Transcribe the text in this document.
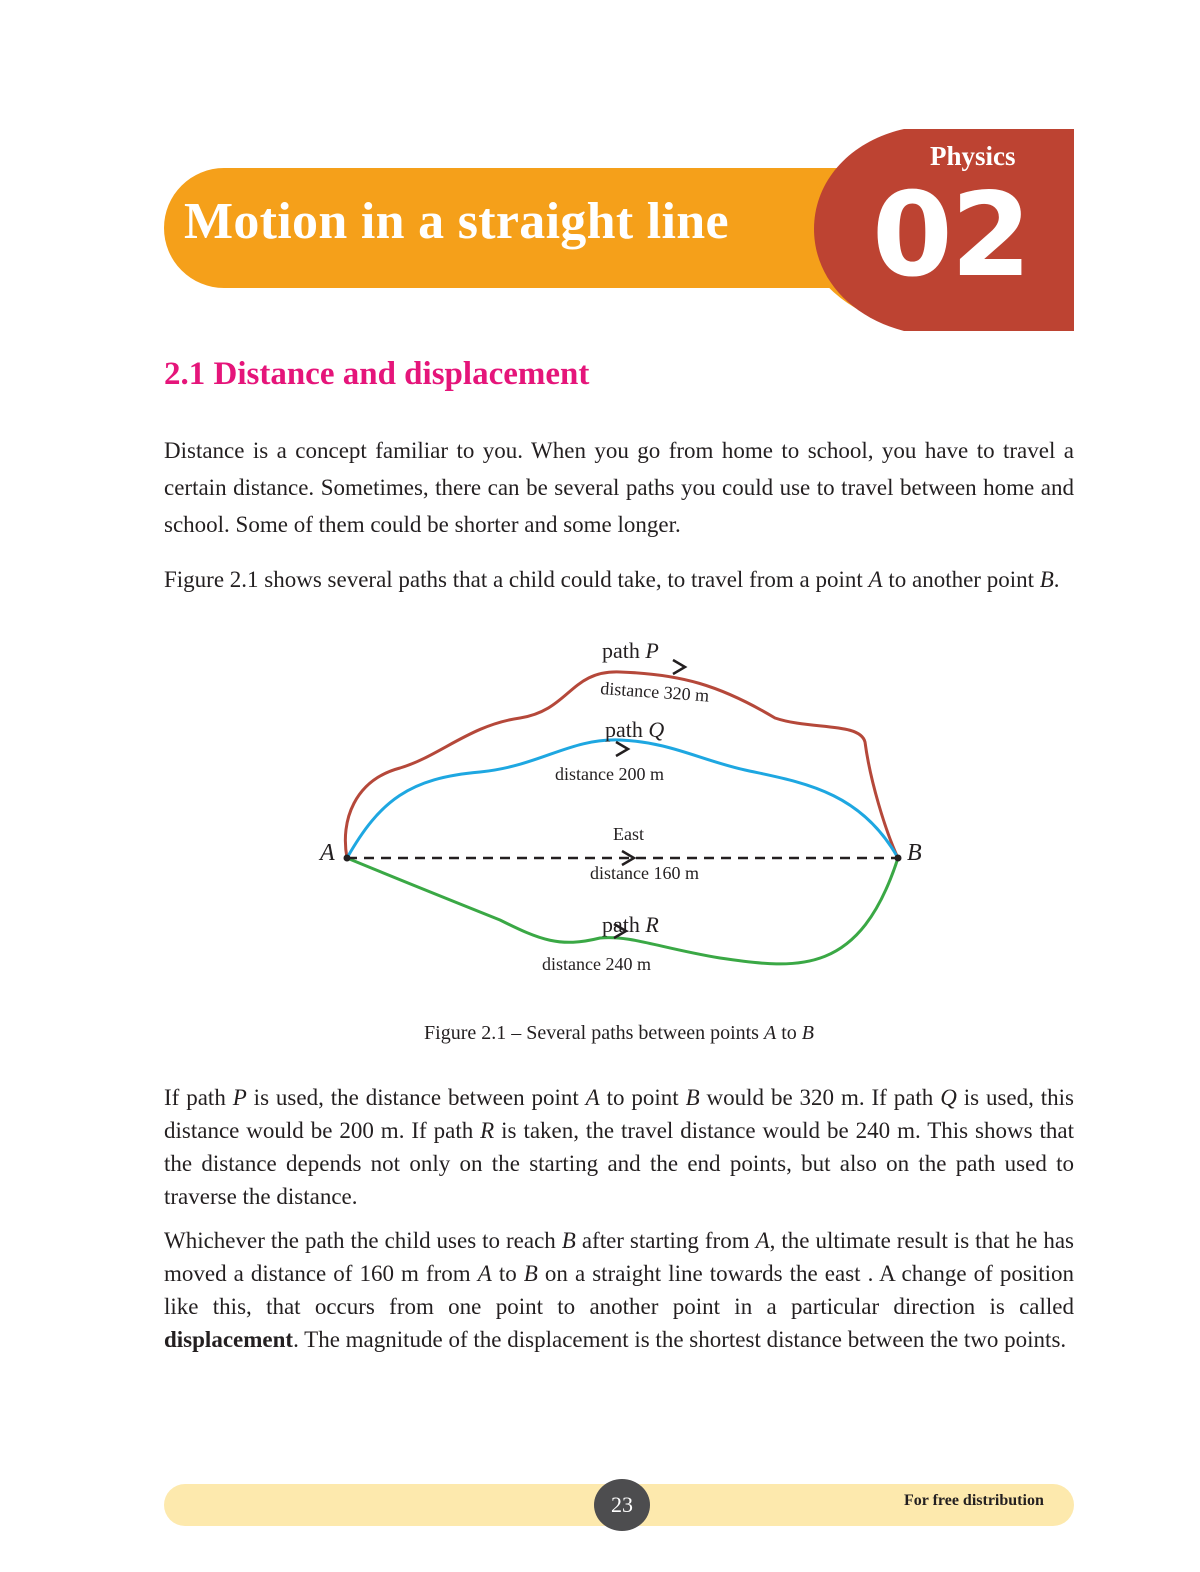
Motion in a straight line

Physics

02

2.1 Distance and displacement

Distance is a concept familiar to you. When you go from home to school, you have to travel a certain distance. Sometimes, there can be several paths you could use to travel between home and school. Some of them could be shorter and some longer.

Figure 2.1 shows several paths that a child could take, to travel from a point A to another point B.

A	B
path P
distance 320 m
path Q
distance 200 m
East
distance 160 m
path R
distance 240 m

Figure 2.1 – Several paths between points A to B

If path P is used, the distance between point A to point B would be 320 m. If path Q is used, this distance would be 200 m. If path R is taken, the travel distance would be 240 m. This shows that the distance depends not only on the starting and the end points, but also on the path used to traverse the distance.

Whichever the path the child uses to reach B after starting from A, the ultimate result is that he has moved a distance of 160 m from A to B on a straight line towards the east . A change of position like this, that occurs from one point to another point in a particular direction is called displacement. The magnitude of the displacement is the shortest distance between the two points.

23	For free distribution
